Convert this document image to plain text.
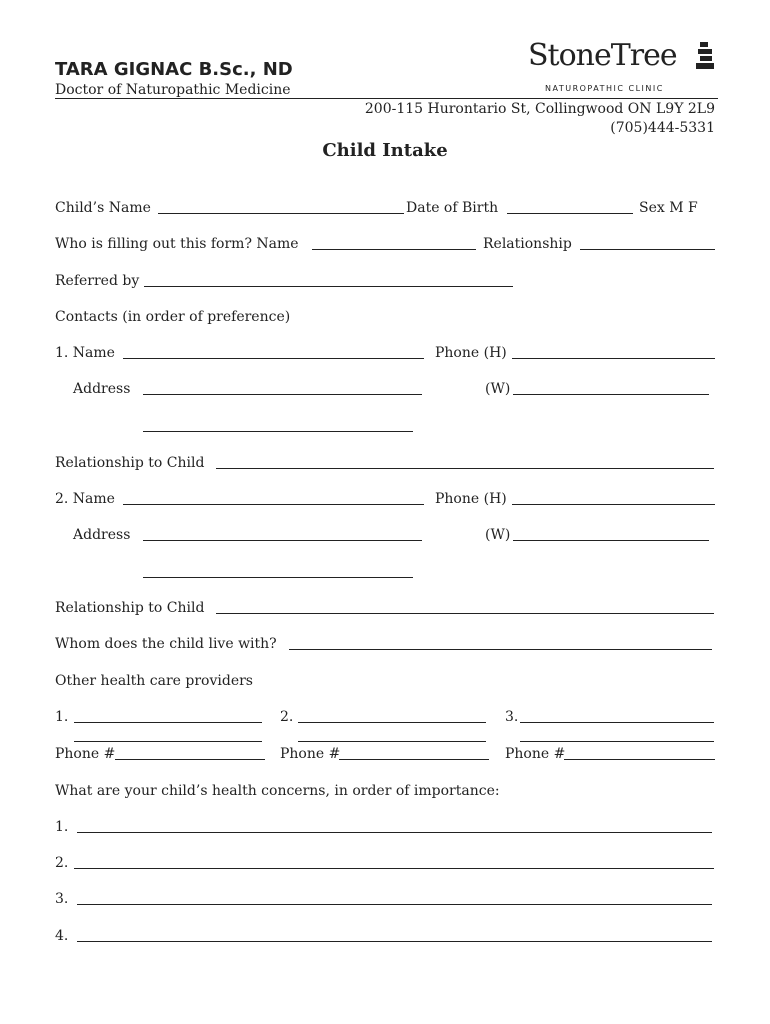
TARA GIGNAC B.Sc., ND
Doctor of Naturopathic Medicine
StoneTree
NATUROPATHIC CLINIC
200-115 Hurontario St, Collingwood ON L9Y 2L9
(705)444-5331
Child Intake
Child’s Name	Date of Birth	Sex M F
Who is filling out this form? Name	Relationship
Referred by
Contacts (in order of preference)
1. Name	Phone (H)
Address	(W)
Relationship to Child
2. Name	Phone (H)
Address	(W)
Relationship to Child
Whom does the child live with?
Other health care providers
1.	2.	3.
Phone #	Phone #	Phone #
What are your child’s health concerns, in order of importance:
1.
2.
3.
4.
